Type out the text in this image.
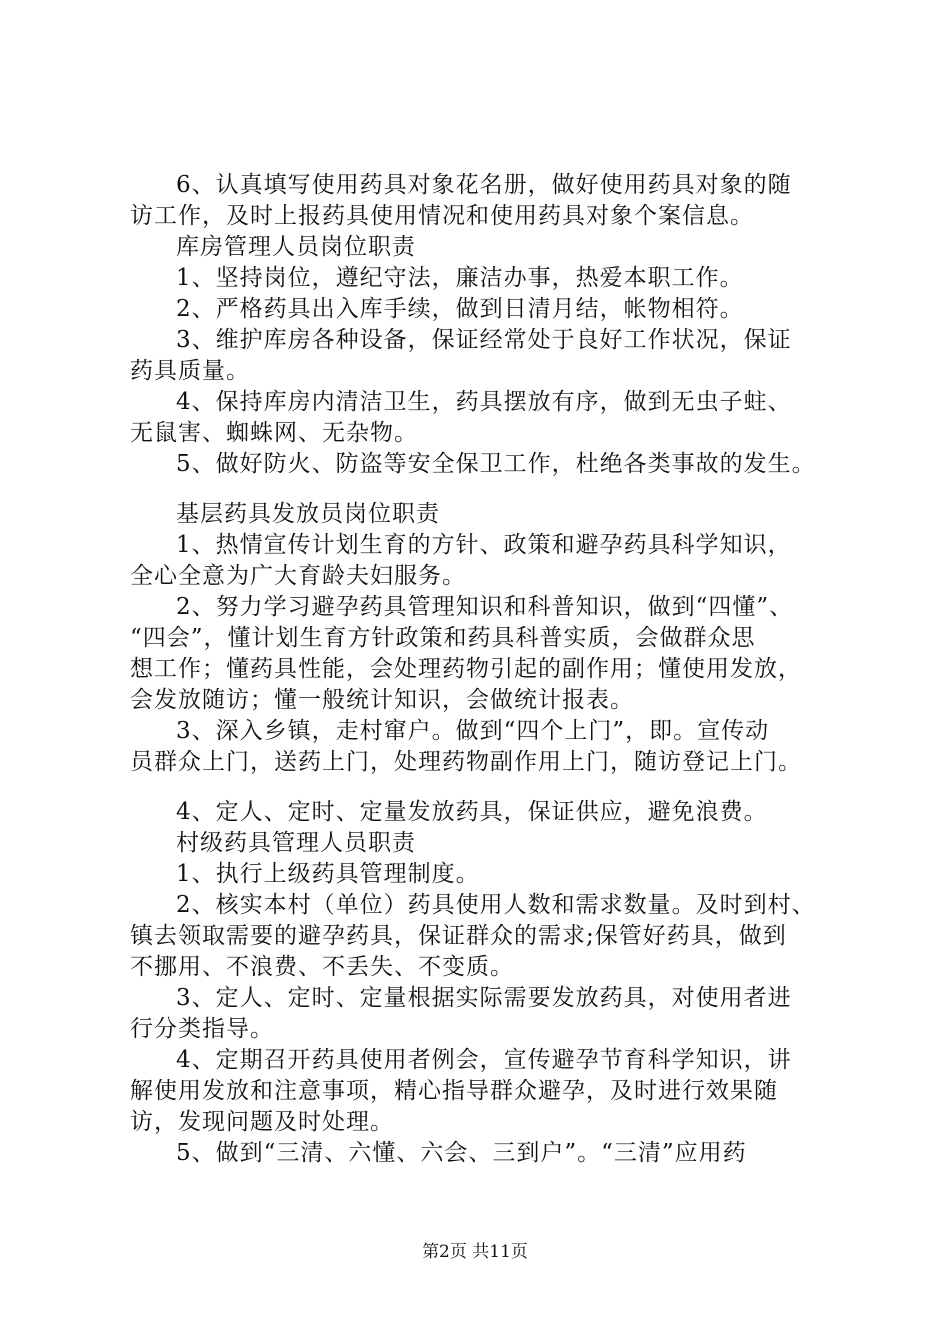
6、认真填写使用药具对象花名册，做好使用药具对象的随
访工作，及时上报药具使用情况和使用药具对象个案信息。
库房管理人员岗位职责
1、坚持岗位，遵纪守法，廉洁办事，热爱本职工作。
2、严格药具出入库手续，做到日清月结，帐物相符。
3、维护库房各种设备，保证经常处于良好工作状况，保证
药具质量。
4、保持库房内清洁卫生，药具摆放有序，做到无虫子蛀、
无鼠害、蜘蛛网、无杂物。
5、做好防火、防盗等安全保卫工作，杜绝各类事故的发生。
基层药具发放员岗位职责
1、热情宣传计划生育的方针、政策和避孕药具科学知识，
全心全意为广大育龄夫妇服务。
2、努力学习避孕药具管理知识和科普知识，做到“四懂”、
“四会”，懂计划生育方针政策和药具科普实质，会做群众思
想工作；懂药具性能，会处理药物引起的副作用；懂使用发放，
会发放随访；懂一般统计知识，会做统计报表。
3、深入乡镇，走村窜户。做到“四个上门”，即。宣传动
员群众上门，送药上门，处理药物副作用上门，随访登记上门。
4、定人、定时、定量发放药具，保证供应，避免浪费。
村级药具管理人员职责
1、执行上级药具管理制度。
2、核实本村（单位）药具使用人数和需求数量。及时到村、
镇去领取需要的避孕药具，保证群众的需求;保管好药具，做到
不挪用、不浪费、不丢失、不变质。
3、定人、定时、定量根据实际需要发放药具，对使用者进
行分类指导。
4、定期召开药具使用者例会，宣传避孕节育科学知识，讲
解使用发放和注意事项，精心指导群众避孕，及时进行效果随
访，发现问题及时处理。
5、做到“三清、六懂、六会、三到户”。“三清”应用药
第2页 共11页
